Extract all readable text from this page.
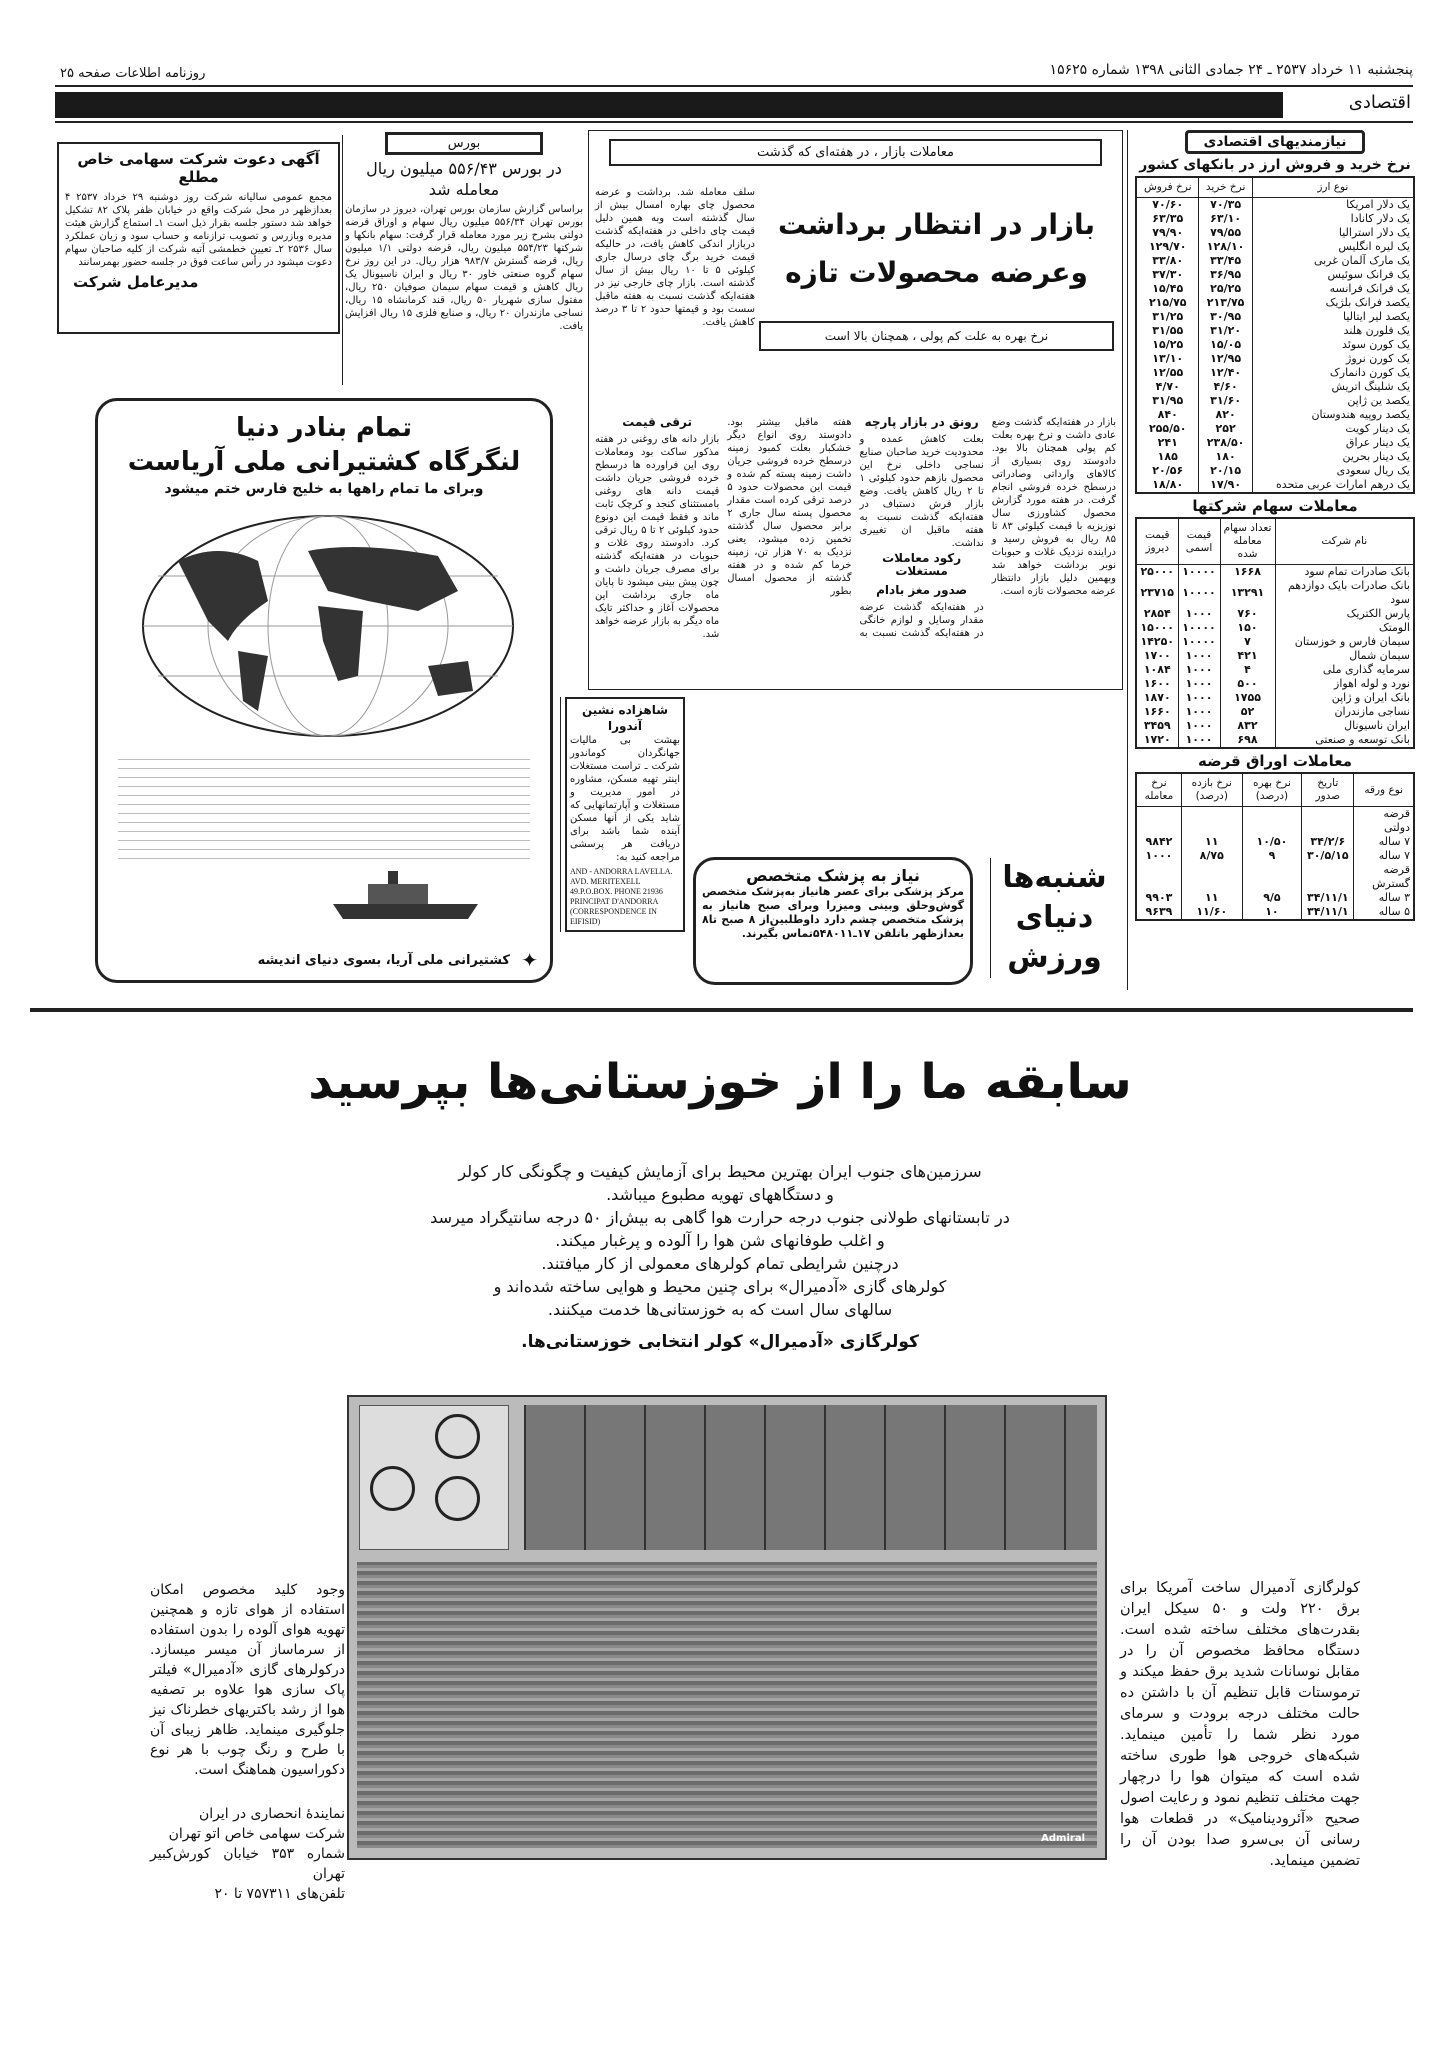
پنجشنبه ۱۱ خرداد ۲۵۳۷ ـ ۲۴ جمادی الثانی ۱۳۹۸ شماره ۱۵۶۲۵
روزنامه اطلاعات صفحه ۲۵
اقتصادی
نیازمندیهای اقتصادی
نرخ خرید و فروش ارز در بانکهای کشور
نوع ارز	نرخ خرید	نرخ فروش
یک دلار امریکا	۷۰/۳۵	۷۰/۶۰
یک دلار کانادا	۶۳/۱۰	۶۳/۳۵
یک دلار استرالیا	۷۹/۵۵	۷۹/۹۰
یک لیره انگلیس	۱۲۸/۱۰	۱۲۹/۷۰
یک مارک آلمان غربی	۳۳/۴۵	۳۳/۸۰
یک فرانک سوئیس	۳۶/۹۵	۳۷/۳۰
یک فرانک فرانسه	۲۵/۲۵	۱۵/۴۵
یکصد فرانک بلژیک	۲۱۳/۷۵	۲۱۵/۷۵
یکصد لیر ایتالیا	۳۰/۹۵	۳۱/۲۵
یک فلورن هلند	۳۱/۲۰	۳۱/۵۵
یک کورن سوئد	۱۵/۰۵	۱۵/۲۵
یک کورن نروژ	۱۲/۹۵	۱۳/۱۰
یک کورن دانمارک	۱۲/۴۰	۱۲/۵۵
یک شلینگ اتریش	۴/۶۰	۴/۷۰
یکصد ین ژاپن	۳۱/۶۰	۳۱/۹۵
یکصد روپیه هندوستان	۸۲۰	۸۴۰
یک دینار کویت	۲۵۲	۲۵۵/۵۰
یک دینار عراق	۲۳۸/۵۰	۲۴۱
یک دینار بحرین	۱۸۰	۱۸۵
یک ریال سعودی	۲۰/۱۵	۲۰/۵۶
یک درهم امارات عربی متحده	۱۷/۹۰	۱۸/۸۰
معاملات سهام شرکتها
نام شرکت	تعداد سهام معامله شده	قیمت اسمی	قیمت دیروز
بانک صادرات تمام سود	۱۶۶۸	۱۰۰۰۰	۲۵۰۰۰
بانک صادرات بایک دوازدهم سود	۱۳۲۹۱	۱۰۰۰۰	۲۳۷۱۵
پارس الکتریک	۷۶۰	۱۰۰۰	۲۸۵۴
الومتک	۱۵۰	۱۰۰۰۰	۱۵۰۰۰
سیمان فارس و خوزستان	۷	۱۰۰۰۰	۱۴۲۵۰
سیمان شمال	۴۲۱	۱۰۰۰	۱۷۰۰
سرمایه گذاری ملی	۴	۱۰۰۰	۱۰۸۴
نورد و لوله اهواز	۵۰۰	۱۰۰۰	۱۶۰۰
بانک ایران و ژاپن	۱۷۵۵	۱۰۰۰	۱۸۷۰
نساجی مازندران	۵۲	۱۰۰۰	۱۶۶۰
ایران ناسیونال	۸۳۲	۱۰۰۰	۳۴۵۹
بانک توسعه و صنعتی	۶۹۸	۱۰۰۰	۱۷۲۰
معاملات اوراق قرضه
نوع ورقه	تاریخ صدور	نرخ بهره (درصد)	نرخ بازده (درصد)	نرخ معامله
قرضه دولتی				
۷ ساله	۳۴/۲/۶	۱۰/۵۰	۱۱	۹۸۴۲
۷ ساله	۳۰/۵/۱۵	۹	۸/۷۵	۱۰۰۰
قرضه گسترش				
۳ ساله	۳۴/۱۱/۱	۹/۵	۱۱	۹۹۰۳
۵ ساله	۳۴/۱۱/۱	۱۰	۱۱/۶۰	۹۶۳۹
معاملات بازار ، در هفته‌ای که گذشت
بازار در انتظار برداشت
وعرضه محصولات تازه
سلف معامله شد. برداشت و عرضه محصول چای بهاره امسال بیش از سال گذشته است وبه همین دلیل قیمت چای داخلی در هفته‌ایکه گذشت دربازار اندکی کاهش یافت، در حالیکه قیمت خرید برگ چای درسال جاری کیلوئی ۵ تا ۱۰ ریال بیش از سال گذشته است. بازار چای خارجی نیز در هفته‌ایکه گذشت نسبت به هفته ماقبل سست بود و قیمتها حدود ۲ تا ۳ درصد کاهش یافت.
نرخ بهره به علت کم پولی ، همچنان بالا است
بازار در هفته‌ایکه گذشت وضع عادی داشت و نرخ بهره بعلت کم پولی همچنان بالا بود. دادوستد روی بسیاری از کالاهای وارداتی وصادراتی درسطح خرده فروشی انجام گرفت. در هفته مورد گزارش محصول کشاورزی سال نوزیزیه با قیمت کیلوئی ۸۳ تا ۸۵ ریال به فروش رسید و دراینده نزدیک غلات و حبوبات نوبر برداشت خواهد شد وبهمین دلیل بازار دانتظار عرضه محصولات تازه است.
رونق در بازار پارچه
بعلت کاهش عمده و محدودیت خرید صاحبان صنایع نساجی داخلی نرخ این محصول بازهم حدود کیلوئی ۱ تا ۲ ریال کاهش یافت. وضع بازار فرش دستباف در هفته‌ایکه گذشت نسبت به هفته ماقبل ان تغییری نداشت.
رکود معاملات مستغلات
صدور مغز بادام
در هفته‌ایکه گذشت عرضه مقدار وسایل و لوازم خانگی در هفته‌ایکه گذشت نسبت به هفته ماقبل بیشتر بود. دادوستد روی انواع دیگر خشکبار بعلت کمبود زمینه درسطح خرده فروشی جریان داشت زمینه پسته کم شده و قیمت این محصولات حدود ۵ درصد ترقی کرده است مقدار محصول پسته سال جاری ۲ برابر محصول سال گذشته تخمین زده میشود، یعنی نزدیک به ۷۰ هزار تن، زمینه خرما کم شده و در هفته گذشته از محصول امسال بطور
ترقی قیمت
بازار دانه های روغنی در هفته مذکور ساکت بود ومعاملات روی این فراورده ها درسطح خرده فروشی جریان داشت قیمت دانه های روغنی بامستثنای کنجد و کرچک ثابت ماند و فقط قیمت این دونوع حدود کیلوئی ۲ تا ۵ ریال ترقی کرد. دادوستد روی غلات و حبوبات در هفته‌ایکه گذشته برای مصرف جریان داشت و چون پیش بینی میشود تا پایان ماه جاری برداشت این محصولات آغاز و حداکثر تایک ماه دیگر به بازار عرضه خواهد شد.
بورس
در بورس ۵۵۶/۴۳ میلیون ریال معامله شد
براساس گزارش سازمان بورس تهران، دیروز در سازمان بورس تهران ۵۵۶/۳۴ میلیون ریال سهام و اوراق قرضه دولتی بشرح زیر مورد معامله قرار گرفت: سهام بانکها و شرکتها ۵۵۴/۲۳ میلیون ریال، قرضه دولتی ۱/۱ میلیون ریال، قرضه گسترش ۹۸۳/۷ هزار ریال. در این روز نرخ سهام گروه صنعتی خاور ۳۰ ریال و ایران ناسیونال یک ریال کاهش و قیمت سهام سیمان صوفیان ۲۵۰ ریال، مفتول سازی شهریار ۵۰ ریال، قند کرمانشاه ۱۵ ریال، نساجی مازندران ۲۰ ریال، و صنایع فلزی ۱۵ ریال افزایش یافت.
آگهی دعوت شرکت سهامی خاص مطلع
مجمع عمومی سالیانه شرکت روز دوشنبه ۲۹ خرداد ۲۵۳۷ ۴ بعدازظهر در محل شرکت واقع در خیابان ظفر پلاک ۸۲ تشکیل خواهد شد دستور جلسه بقرار ذیل است ۱ـ استماع گزارش هیئت مدیره وبازرس و تصویب ترازنامه و حساب سود و زیان عملکرد سال ۲۵۳۶ ۲ـ تعیین خطمشی آتیه شرکت از کلیه صاحبان سهام دعوت میشود در رأس ساعت فوق در جلسه حضور بهمرسانند
مدیرعامل شرکت
تمام بنادر دنیا
لنگرگاه کشتیرانی ملی آریاست
وبرای ما تمام راهها به خلیج فارس ختم میشود
کشتیرانی ملی آریا، بسوی دنیای اندیشه ✦
شاهزاده نشین آندورا
بهشت بی مالیات جهانگردان کوماندور شرکت ـ تراست مستغلات اینتر تهیه مسکن، مشاوره در امور مدیریت و مستغلات و آپارتمانهایی که شاید یکی از آنها مسکن آینده شما باشد برای دریافت هر پرسشی مراجعه کنید به:
AND - ANDORRA LAVELLA. AVD. MERITEXELL 49.P.O.BOX. PHONE 21936 PRINCIPAT D'ANDORRA (CORRESPONDENCE IN EIFISID)
نیاز به پزشک متخصص
مرکز پزشکی برای عصر هانیاز به‌پزشک متخصص گوش‌وحلق وبینی ومیزرا وبرای صبح هانیاز به پزشک متخصص چشم دارد داوطلبین‌از ۸ صبح تا۸ بعدازظهر باتلفن ۱۷ـ۵۴۸۰۱۱تماس بگیرند.
شنبه‌ها دنیای ورزش
سابقه ما را از خوزستانی‌ها بپرسید
سرزمین‌های جنوب ایران بهترین محیط برای آزمایش کیفیت و چگونگی کار کولر
و دستگاههای تهویه مطبوع میباشد.
در تابستانهای طولانی جنوب درجه حرارت هوا گاهی به بیش‌از ۵۰ درجه سانتیگراد میرسد
و اغلب طوفانهای شن هوا را آلوده و پرغبار میکند.
درچنین شرایطی تمام کولرهای معمولی از کار میافتند.
کولرهای گازی «آدمیرال» برای چنین محیط و هوایی ساخته شده‌اند و
سالهای سال است که به خوزستانی‌ها خدمت میکنند.
کولرگازی «آدمیرال» کولر انتخابی خوزستانی‌ها.
Admiral
وجود کلید مخصوص امکان استفاده از هوای تازه و همچنین تهویه هوای آلوده را بدون استفاده از سرماساز آن میسر میسازد. درکولرهای گازی «آدمیرال» فیلتر پاک سازی هوا علاوه بر تصفیه هوا از رشد باکتریهای خطرناک نیز جلوگیری مینماید. ظاهر زیبای آن با طرح و رنگ چوب با هر نوع دکوراسیون هماهنگ است.
نمایندهٔ انحصاری در ایران
شرکت سهامی خاص اتو تهران
شماره ۳۵۳ خیابان کورش‌کبیر تهران
تلفن‌های ۷۵۷۳۱۱ تا ۲۰
کولرگازی آدمیرال ساخت آمریکا برای برق ۲۲۰ ولت و ۵۰ سیکل ایران بقدرت‌های مختلف ساخته شده است. دستگاه محافظ مخصوص آن را در مقابل نوسانات شدید برق حفظ میکند و ترموستات قابل تنظیم آن با داشتن ده حالت مختلف درجه برودت و سرمای مورد نظر شما را تأمین مینماید. شبکه‌های خروجی هوا طوری ساخته شده است که میتوان هوا را درچهار جهت مختلف تنظیم نمود و رعایت اصول صحیح «آئرودینامیک» در قطعات هوا رسانی آن بی‌سرو صدا بودن آن را تضمین مینماید.
